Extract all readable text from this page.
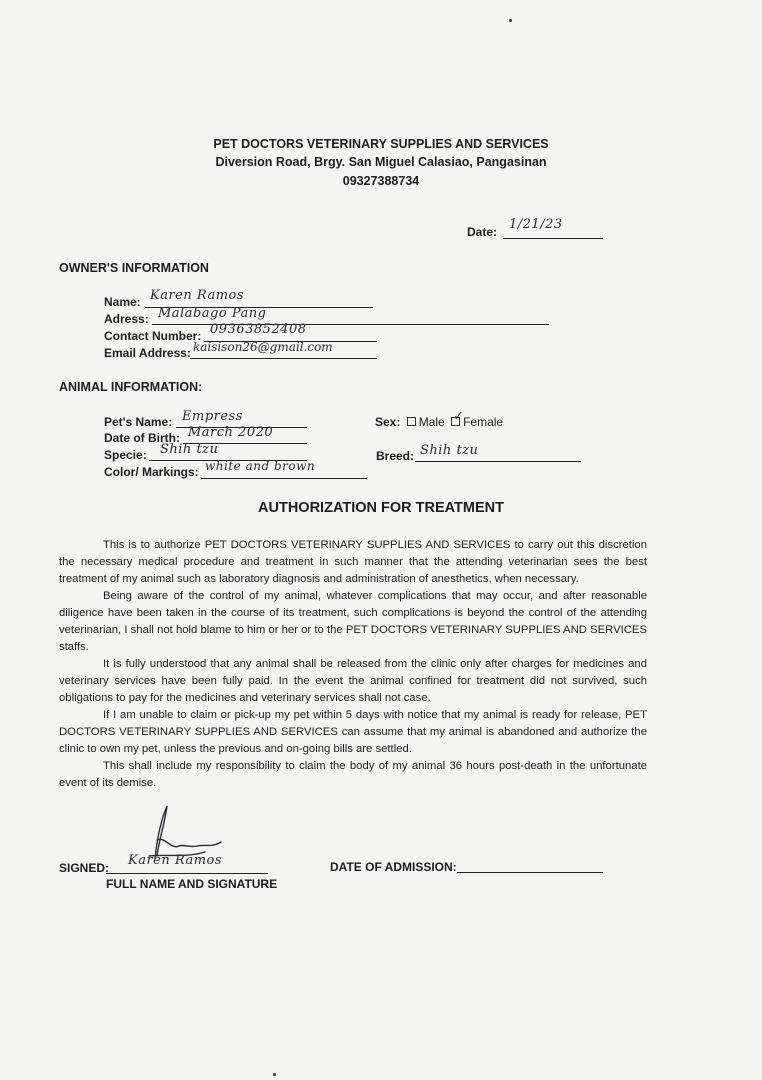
PET DOCTORS VETERINARY SUPPLIES AND SERVICES
Diversion Road, Brgy. San Miguel Calasiao, Pangasinan
09327388734
Date: 1/21/23
OWNER'S INFORMATION
Name: Karen Ramos
Adress: Malabago Pang
Contact Number: 09363852408
Email Address: kaisison26@gmail.com
ANIMAL INFORMATION:
Pet's Name: Empress
Date of Birth: March 2020
Specie: Shih tzu
Color/ Markings: white and brown
Sex: Male ✓ Female
Breed: Shih tzu
AUTHORIZATION FOR TREATMENT

This is to authorize PET DOCTORS VETERINARY SUPPLIES AND SERVICES to carry out this discretion the necessary medical procedure and treatment in such manner that the attending veterinarian sees the best treatment of my animal such as laboratory diagnosis and administration of anesthetics, when necessary.

Being aware of the control of my animal, whatever complications that may occur, and after reasonable diligence have been taken in the course of its treatment, such complications is beyond the control of the attending veterinarian, I shall not hold blame to him or her or to the PET DOCTORS VETERINARY SUPPLIES AND SERVICES staffs.

It is fully understood that any animal shall be released from the clinic only after charges for medicines and veterinary services have been fully paid. In the event the animal confined for treatment did not survived, such obligations to pay for the medicines and veterinary services shall not case.

If I am unable to claim or pick-up my pet within 5 days with notice that my animal is ready for release, PET DOCTORS VETERINARY SUPPLIES AND SERVICES can assume that my animal is abandoned and authorize the clinic to own my pet, unless the previous and on-going bills are settled.

This shall include my responsibility to claim the body of my animal 36 hours post-death in the unfortunate event of its demise.

SIGNED: Karen Ramos
FULL NAME AND SIGNATURE
DATE OF ADMISSION:
